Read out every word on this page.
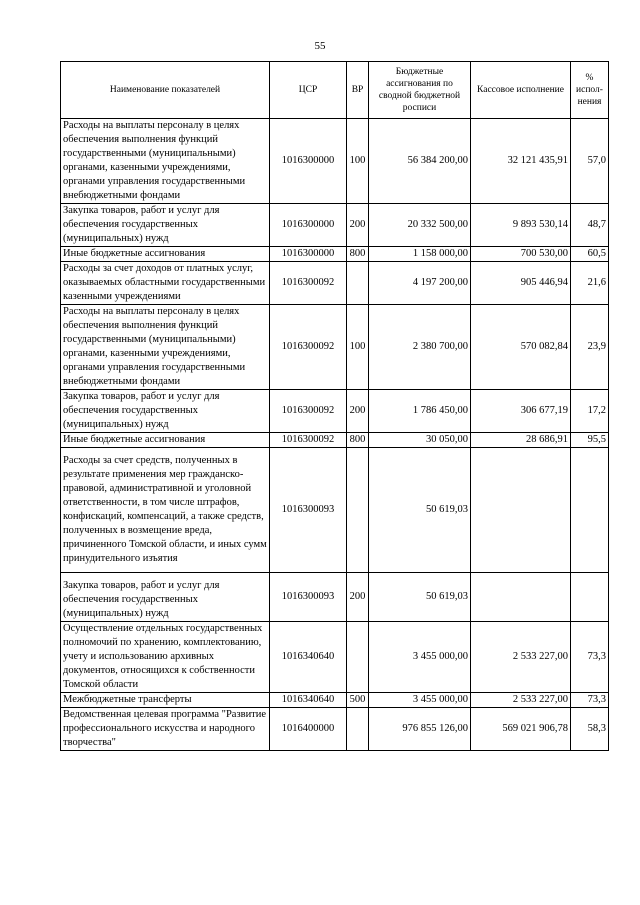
55
Наименование показателей	ЦСР	ВР	Бюджетные ассигнования по сводной бюджетной росписи	Кассовое исполнение	% испол-нения
Расходы на выплаты персоналу в целях обеспечения выполнения функций государственными (муниципальными) органами, казенными учреждениями, органами управления государственными внебюджетными фондами	1016300000	100	56 384 200,00	32 121 435,91	57,0
Закупка товаров, работ и услуг для обеспечения государственных (муниципальных) нужд	1016300000	200	20 332 500,00	9 893 530,14	48,7
Иные бюджетные ассигнования	1016300000	800	1 158 000,00	700 530,00	60,5
Расходы за счет доходов от платных услуг, оказываемых областными государственными казенными учреждениями	1016300092		4 197 200,00	905 446,94	21,6
Расходы на выплаты персоналу в целях обеспечения выполнения функций государственными (муниципальными) органами, казенными учреждениями, органами управления государственными внебюджетными фондами	1016300092	100	2 380 700,00	570 082,84	23,9
Закупка товаров, работ и услуг для обеспечения государственных (муниципальных) нужд	1016300092	200	1 786 450,00	306 677,19	17,2
Иные бюджетные ассигнования	1016300092	800	30 050,00	28 686,91	95,5
Расходы за счет средств, полученных в результате применения мер гражданско-правовой, административной и уголовной ответственности, в том числе штрафов, конфискаций, компенсаций, а также средств, полученных в возмещение вреда, причиненного Томской области, и иных сумм принудительного изъятия	1016300093		50 619,03		
Закупка товаров, работ и услуг для обеспечения государственных (муниципальных) нужд	1016300093	200	50 619,03		
Осуществление отдельных государственных полномочий по хранению, комплектованию, учету и использованию архивных документов, относящихся к собственности Томской области	1016340640		3 455 000,00	2 533 227,00	73,3
Межбюджетные трансферты	1016340640	500	3 455 000,00	2 533 227,00	73,3
Ведомственная целевая программа "Развитие профессионального искусства и народного творчества"	1016400000		976 855 126,00	569 021 906,78	58,3
